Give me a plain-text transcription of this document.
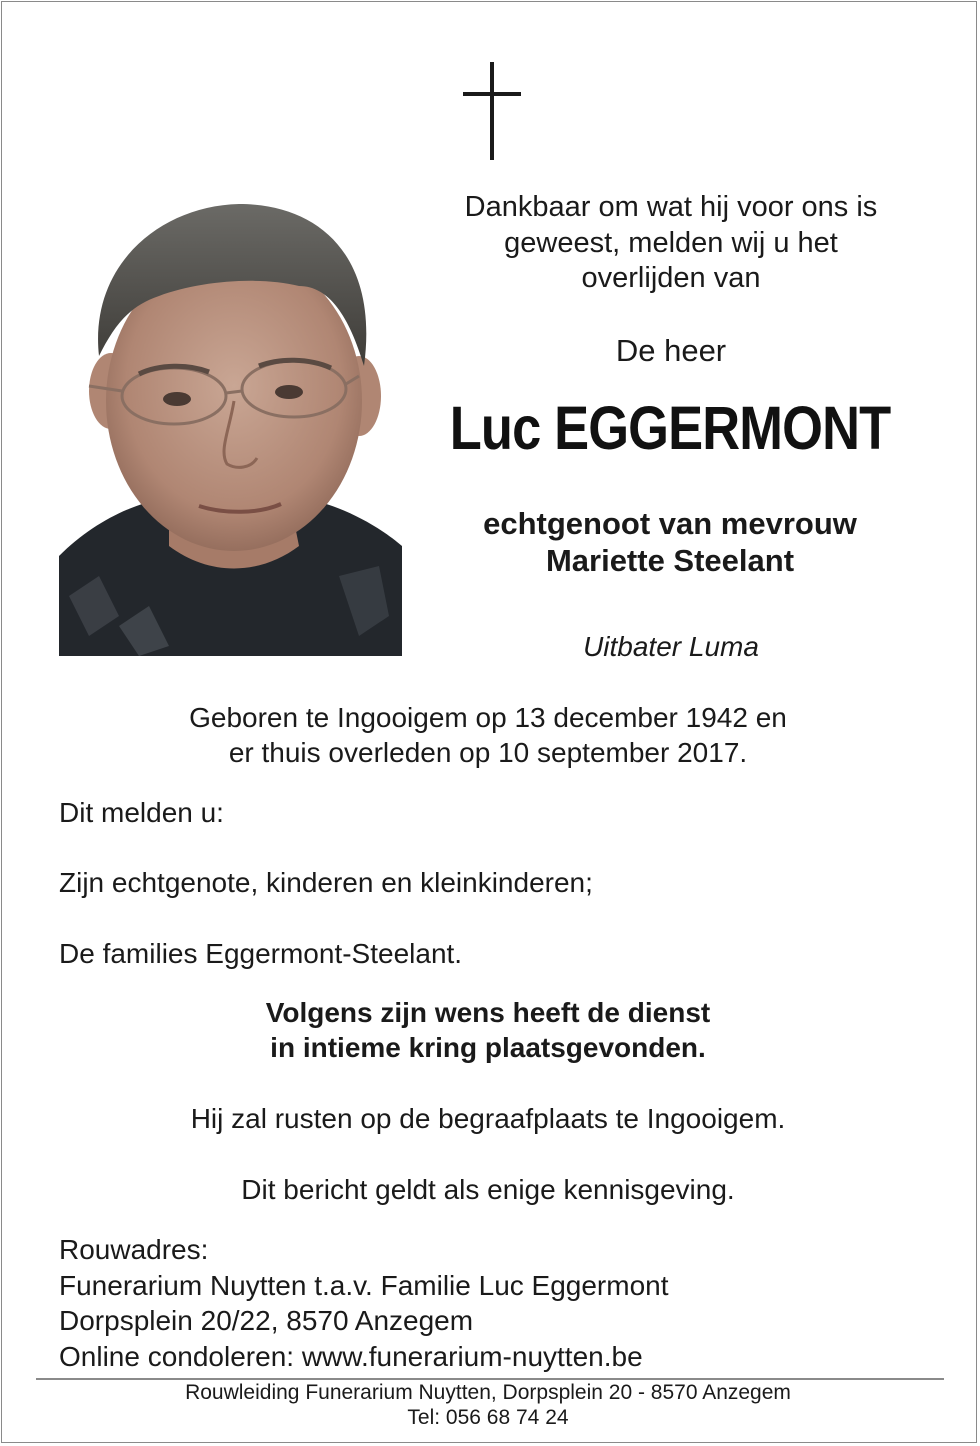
Dankbaar om wat hij voor ons is
geweest, melden wij u het
overlijden van
De heer
Luc EGGERMONT
echtgenoot van mevrouw
Mariette Steelant
Uitbater Luma
Geboren te Ingooigem op 13 december 1942 en
er thuis overleden op 10 september 2017.
Dit melden u:
Zijn echtgenote, kinderen en kleinkinderen;
De families Eggermont-Steelant.
Volgens zijn wens heeft de dienst
in intieme kring plaatsgevonden.
Hij zal rusten op de begraafplaats te Ingooigem.
Dit bericht geldt als enige kennisgeving.
Rouwadres:
Funerarium Nuytten t.a.v. Familie Luc Eggermont
Dorpsplein 20/22, 8570 Anzegem
Online condoleren: www.funerarium-nuytten.be
Rouwleiding Funerarium Nuytten, Dorpsplein 20 - 8570 Anzegem
Tel: 056 68 74 24
